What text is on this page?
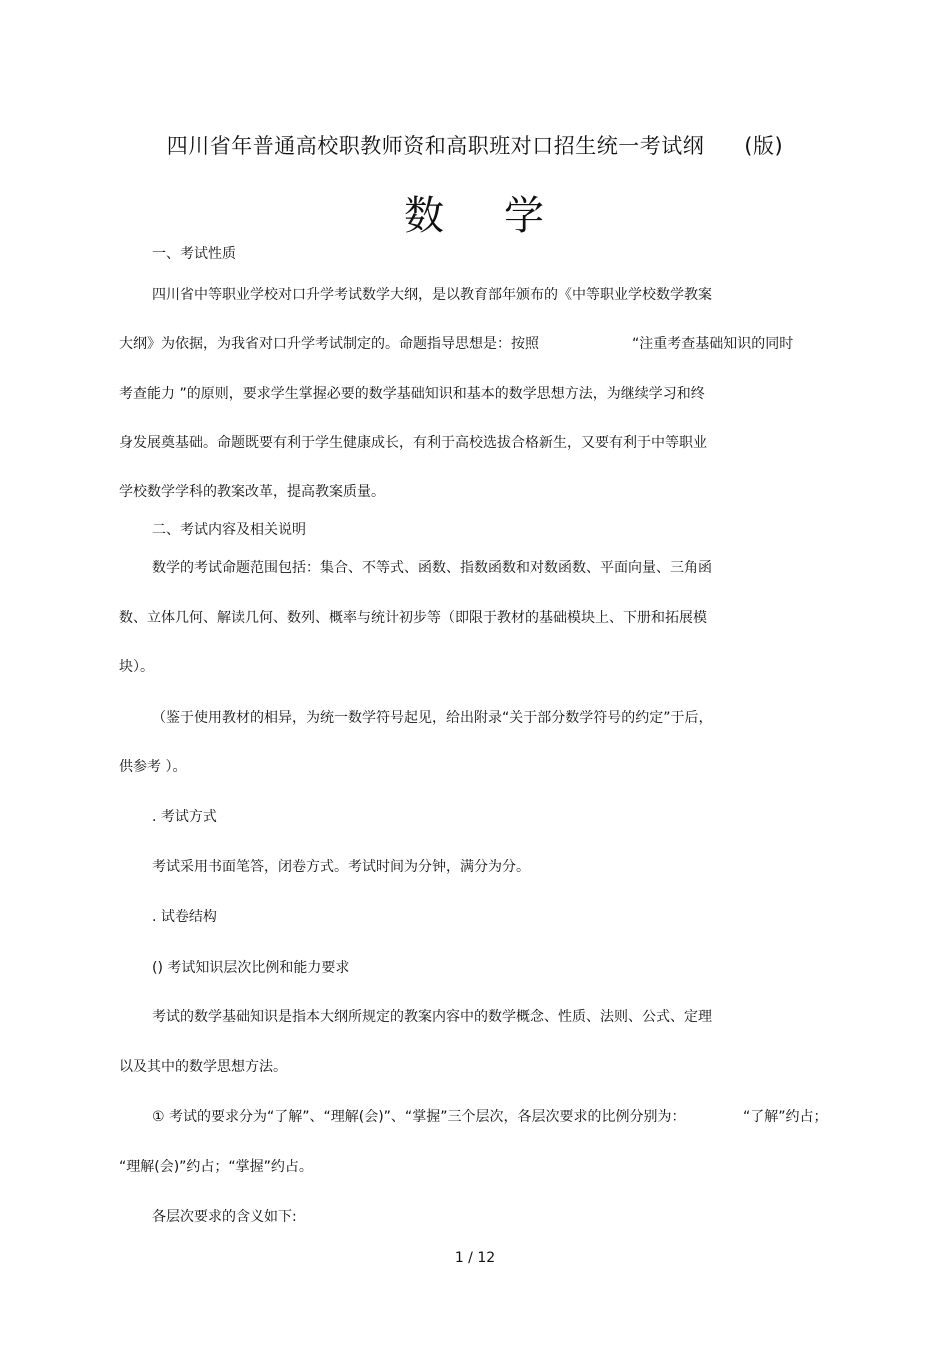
四川省年普通高校职教师资和高职班对口招生统一考试纲 (版)
数 学
一、考试性质
四川省中等职业学校对口升学考试数学大纲，是以教育部年颁布的《中等职业学校数学教案
大纲》为依据，为我省对口升学考试制定的。命题指导思想是：按照	“注重考查基础知识的同时
考查能力 ”的原则，要求学生掌握必要的数学基础知识和基本的数学思想方法，为继续学习和终
身发展奠基础。命题既要有利于学生健康成长，有利于高校选拔合格新生，又要有利于中等职业
学校数学学科的教案改革，提高教案质量。
二、考试内容及相关说明
数学的考试命题范围包括：集合、不等式、函数、指数函数和对数函数、平面向量、三角函
数、立体几何、解读几何、数列、概率与统计初步等（即限于教材的基础模块上、下册和拓展模
块）。
（鉴于使用教材的相异，为统一数学符号起见，给出附录“关于部分数学符号的约定”于后，
供参考 ）。
. 考试方式
考试采用书面笔答，闭卷方式。考试时间为分钟，满分为分。
. 试卷结构
() 考试知识层次比例和能力要求
考试的数学基础知识是指本大纲所规定的教案内容中的数学概念、性质、法则、公式、定理
以及其中的数学思想方法。
① 考试的要求分为“了解”、“理解(会)”、“掌握”三个层次，各层次要求的比例分别为：	“了解”约占；
“理解(会)”约占；“掌握”约占。
各层次要求的含义如下:
1 / 12
